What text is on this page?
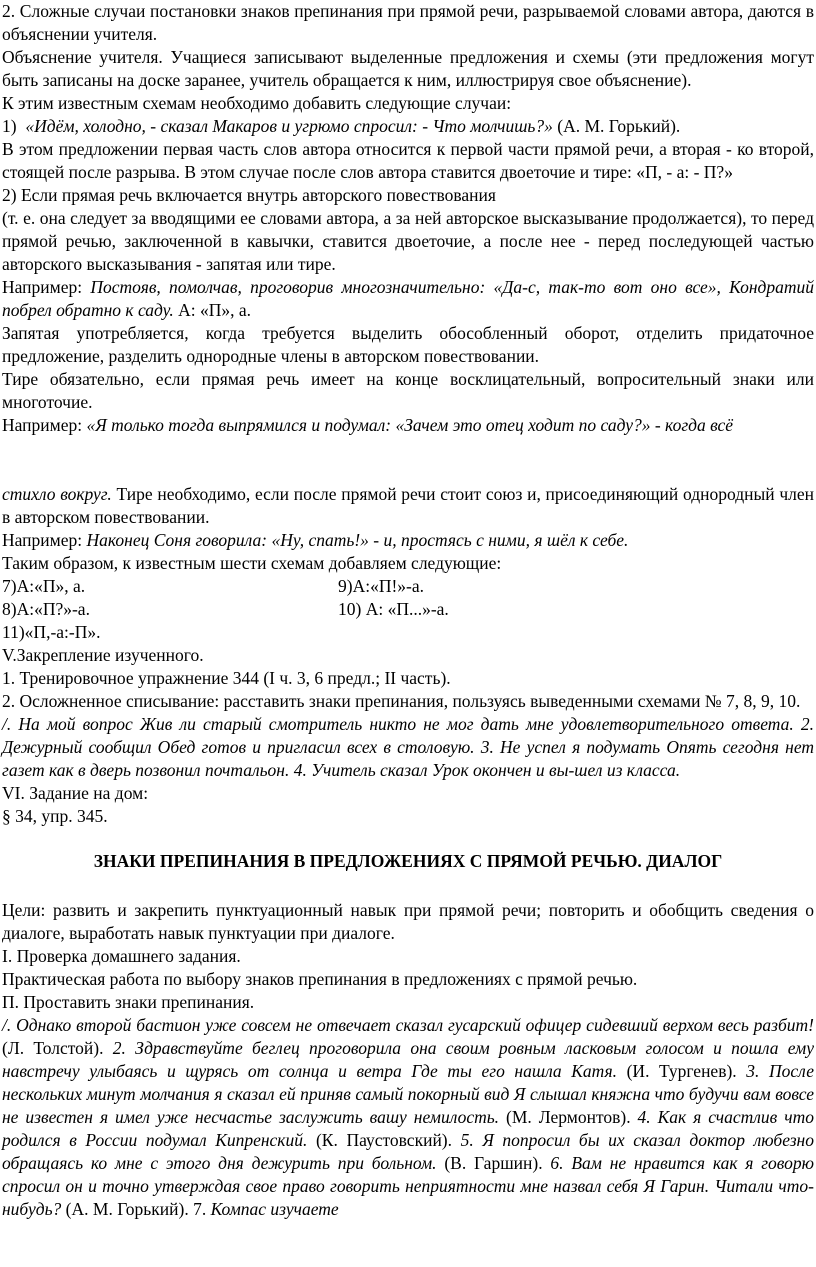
2. Сложные случаи постановки знаков препинания при прямой речи, разрываемой словами автора, даются в объяснении учителя.

Объяснение учителя. Учащиеся записывают выделенные предложения и схемы (эти предложения могут быть записаны на доске заранее, учитель обращается к ним, иллюстрируя свое объяснение).

К этим известным схемам необходимо добавить следующие случаи:

1) «Идём, холодно, - сказал Макаров и угрюмо спросил: - Что молчишь?» (А. М. Горький).

В этом предложении первая часть слов автора относится к первой части прямой речи, а вторая - ко второй, стоящей после разрыва. В этом случае после слов автора ставится двоеточие и тире: «П, - а: - П?»

2) Если прямая речь включается внутрь авторского повествования

(т. е. она следует за вводящими ее словами автора, а за ней авторское высказывание продолжается), то перед прямой речью, заключенной в кавычки, ставится двоеточие, а после нее - перед последующей частью авторского высказывания - запятая или тире.

Например: Постояв, помолчав, проговорив многозначительно: «Да-с, так-то вот оно все», Кондратий побрел обратно к саду. А: «П», а.

Запятая употребляется, когда требуется выделить обособленный оборот, отделить придаточное предложение, разделить однородные члены в авторском повествовании.

Тире обязательно, если прямая речь имеет на конце восклицательный, вопросительный знаки или многоточие.

Например: «Я только тогда выпрямился и подумал: «Зачем это отец ходит по саду?» - когда всё

стихло вокруг. Тире необходимо, если после прямой речи стоит союз и, присоединяющий однородный член в авторском повествовании.

Например: Наконец Соня говорила: «Ну, спать!» - и, простясь с ними, я шёл к себе.

Таким образом, к известным шести схемам добавляем следующие:

7)А:«П», а.	9)А:«П!»-а.
8)А:«П?»-а.	10) А: «П...»-а.

11)«П,-а:-П».

V.Закрепление изученного.

1. Тренировочное упражнение 344 (I ч. 3, 6 предл.; II часть).

2. Осложненное списывание: расставить знаки препинания, пользуясь выведенными схемами № 7, 8, 9, 10.

/. На мой вопрос Жив ли старый смотритель никто не мог дать мне удовлетворительного ответа. 2. Дежурный сообщил Обед готов и пригласил всех в столовую. 3. Не успел я подумать Опять сегодня нет газет как в дверь позвонил почтальон. 4. Учитель сказал Урок окончен и вы-шел из класса.

VI. Задание на дом:

§ 34, упр. 345.

ЗНАКИ ПРЕПИНАНИЯ В ПРЕДЛОЖЕНИЯХ С ПРЯМОЙ РЕЧЬЮ. ДИАЛОГ

Цели: развить и закрепить пунктуационный навык при прямой речи; повторить и обобщить сведения о диалоге, выработать навык пунктуации при диалоге.

I. Проверка домашнего задания.

Практическая работа по выбору знаков препинания в предложениях с прямой речью.

П. Проставить знаки препинания.

/. Однако второй бастион уже совсем не отвечает сказал гусарский офицер сидевший верхом весь разбит! (Л. Толстой). 2. Здравствуйте беглец проговорила она своим ровным ласковым голосом и пошла ему навстречу улыбаясь и щурясь от солнца и ветра Где ты его нашла Катя. (И. Тургенев). 3. После нескольких минут молчания я сказал ей приняв самый покорный вид Я слышал княжна что будучи вам вовсе не известен я имел уже несчастье заслужить вашу немилость. (М. Лермонтов). 4. Как я счастлив что родился в России подумал Кипренский. (К. Паустовский). 5. Я попросил бы их сказал доктор любезно обращаясь ко мне с этого дня дежурить при больном. (В. Гаршин). 6. Вам не нравится как я говорю спросил он и точно утверждая свое право говорить неприятности мне назвал себя Я Гарин. Читали что-нибудь? (А. М. Горький). 7. Компас изучаете
